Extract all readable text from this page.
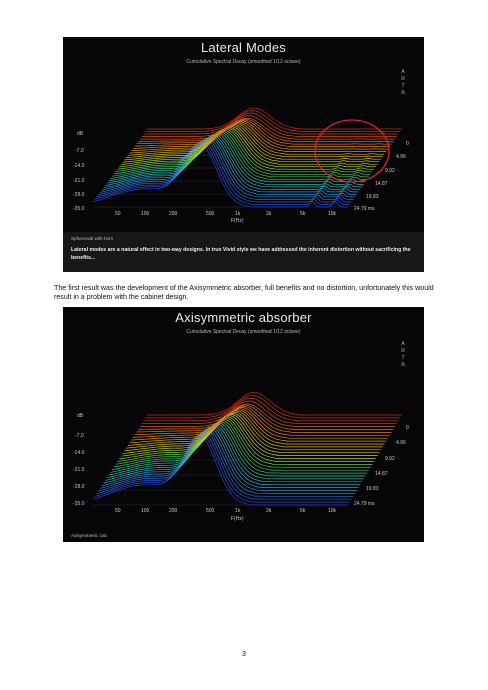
Lateral Modes
Cumulative Spectral Decay (smoothed 1/12 octave)
A
R
T
A
dB
-7.0
-14.0
-21.0
-28.0
-35.0
50	100	200	500	1k	2k	5k	10k
F(Hz)
0
4.96
9.92
14.87
19.83
24.79 ms
Spherecab with horn
Lateral modes are a natural effect in two-way designs. In true Vivid style we have addressed the inherent distortion without sacrificing the benefits...
The first result was the development of the Axisymmetric absorber, full benefits and no distortion, unfortunately this would result in a problem with the cabinet design.
Axisymmetric absorber
Cumulative Spectral Decay (smoothed 1/12 octave)
A
R
T
A
dB
-7.0
-14.0
-21.0
-28.0
-35.0
50	100	200	500	1k	2k	5k	10k
F(Hz)
0
4.96
9.92
14.87
19.83
24.79 ms
Axisymmetric cab
3
